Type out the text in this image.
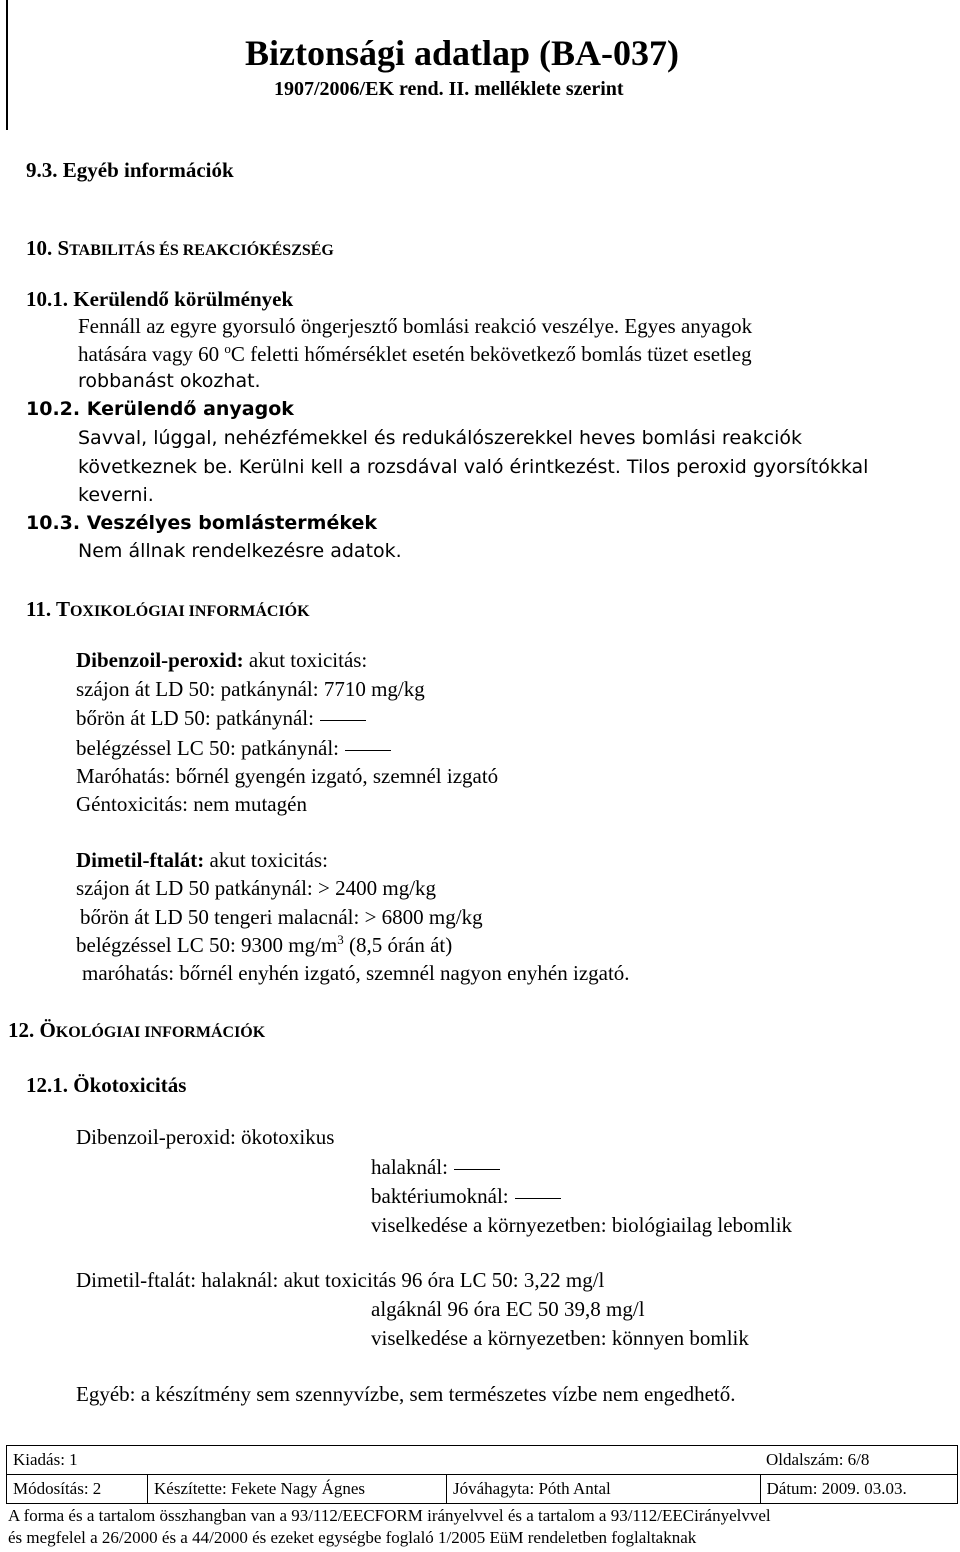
Biztonsági adatlap (BA-037)
1907/2006/EK rend. II. melléklete szerint
9.3. Egyéb információk
10. STABILITÁS ÉS REAKCIÓKÉSZSÉG
10.1. Kerülendő körülmények
Fennáll az egyre gyorsuló öngerjesztő bomlási reakció veszélye. Egyes anyagok
hatására vagy 60 $^o$C feletti hőmérséklet esetén bekövetkező bomlás tüzet esetleg
robbanást okozhat.
10.2. Kerülendő anyagok
Savval, lúggal, nehézfémekkel és redukálószerekkel heves bomlási reakciók
következnek be. Kerülni kell a rozsdával való érintkezést. Tilos peroxid gyorsítókkal
keverni.
10.3. Veszélyes bomlástermékek
Nem állnak rendelkezésre adatok.
11. TOXIKOLÓGIAI INFORMÁCIÓK
Dibenzoil-peroxid: akut toxicitás:
szájon át LD 50: patkánynál: 7710 mg/kg
bőrön át LD 50: patkánynál:
belégzéssel LC 50: patkánynál:
Maróhatás: bőrnél gyengén izgató, szemnél izgató
Géntoxicitás: nem mutagén
Dimetil-ftalát: akut toxicitás:
szájon át LD 50 patkánynál: > 2400 mg/kg
bőrön át LD 50 tengeri malacnál: > 6800 mg/kg
belégzéssel LC 50: 9300 $mg/m^3$ (8,5 órán át)
maróhatás: bőrnél enyhén izgató, szemnél nagyon enyhén izgató.
12. ÖKOLÓGIAI INFORMÁCIÓK
12.1. Ökotoxicitás
Dibenzoil-peroxid: ökotoxikus
halaknál:
baktériumoknál:
viselkedése a környezetben: biológiailag lebomlik
Dimetil-ftalát: halaknál: akut toxicitás 96 óra LC 50: 3,22 mg/l
algáknál 96 óra EC 50 39,8 mg/l
viselkedése a környezetben: könnyen bomlik
Egyéb: a készítmény sem szennyvízbe, sem természetes vízbe nem engedhető.
Kiadás: 1			Oldalszám: 6/8
Módosítás: 2	Készítette: Fekete Nagy Ágnes	Jóváhagyta: Póth Antal	Dátum: 2009. 03.03.
A forma és a tartalom összhangban van a 93/112/EECFORM irányelvvel és a tartalom a 93/112/EECirányelvvel
és megfelel a 26/2000 és a 44/2000 és ezeket egységbe foglaló 1/2005 EüM rendeletben foglaltaknak
